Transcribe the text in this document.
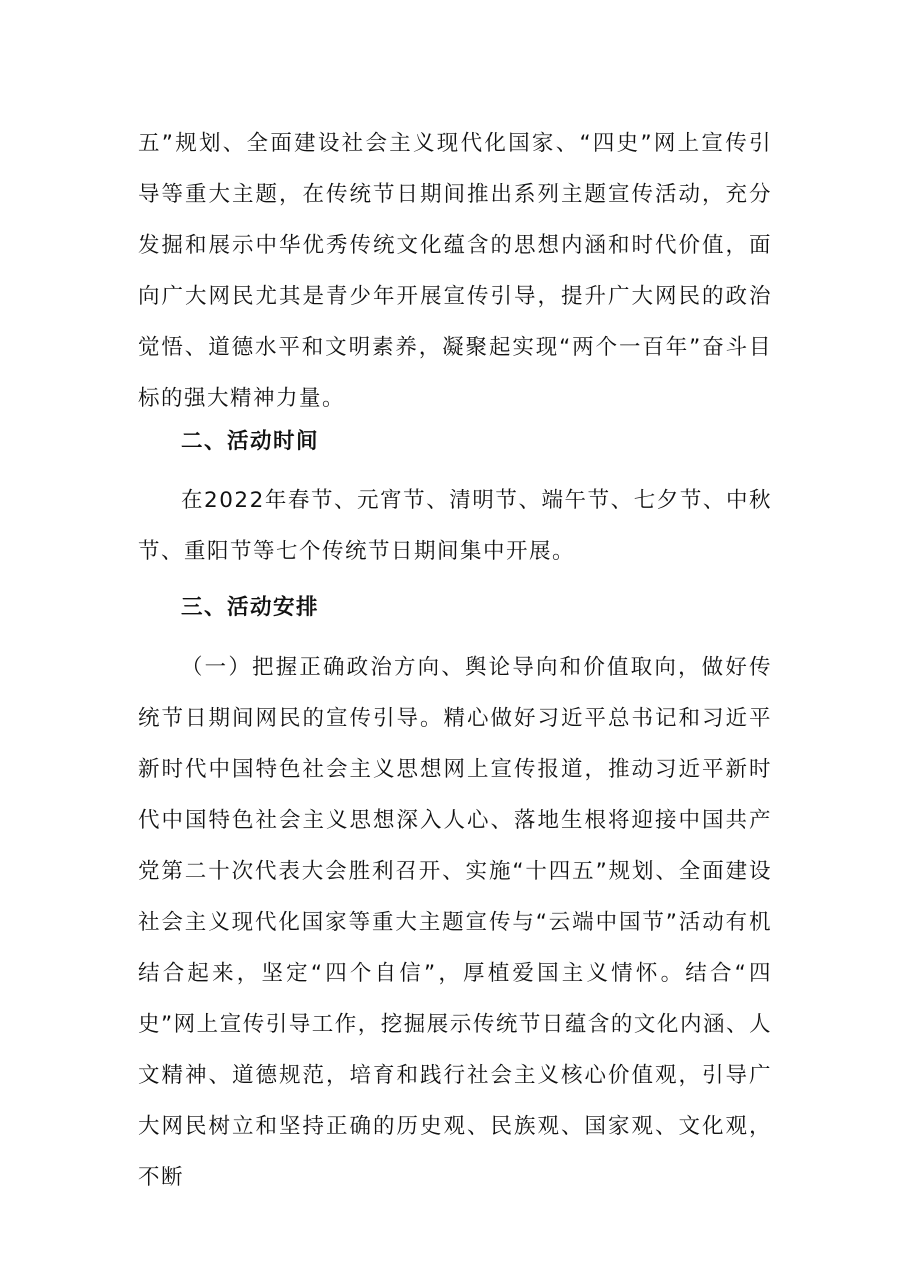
五”规划、全面建设社会主义现代化国家、“四史”网上宣传引导等重大主题，在传统节日期间推出系列主题宣传活动，充分发掘和展示中华优秀传统文化蕴含的思想内涵和时代价值，面向广大网民尤其是青少年开展宣传引导，提升广大网民的政治觉悟、道德水平和文明素养，凝聚起实现“两个一百年”奋斗目标的强大精神力量。

二、活动时间

在2022年春节、元宵节、清明节、端午节、七夕节、中秋节、重阳节等七个传统节日期间集中开展。

三、活动安排

（一）把握正确政治方向、舆论导向和价值取向，做好传统节日期间网民的宣传引导。精心做好习近平总书记和习近平新时代中国特色社会主义思想网上宣传报道，推动习近平新时代中国特色社会主义思想深入人心、落地生根将迎接中国共产党第二十次代表大会胜利召开、实施“十四五”规划、全面建设社会主义现代化国家等重大主题宣传与“云端中国节”活动有机结合起来，坚定“四个自信”，厚植爱国主义情怀。结合“四史”网上宣传引导工作，挖掘展示传统节日蕴含的文化内涵、人文精神、道德规范，培育和践行社会主义核心价值观，引导广大网民树立和坚持正确的历史观、民族观、国家观、文化观，不断
